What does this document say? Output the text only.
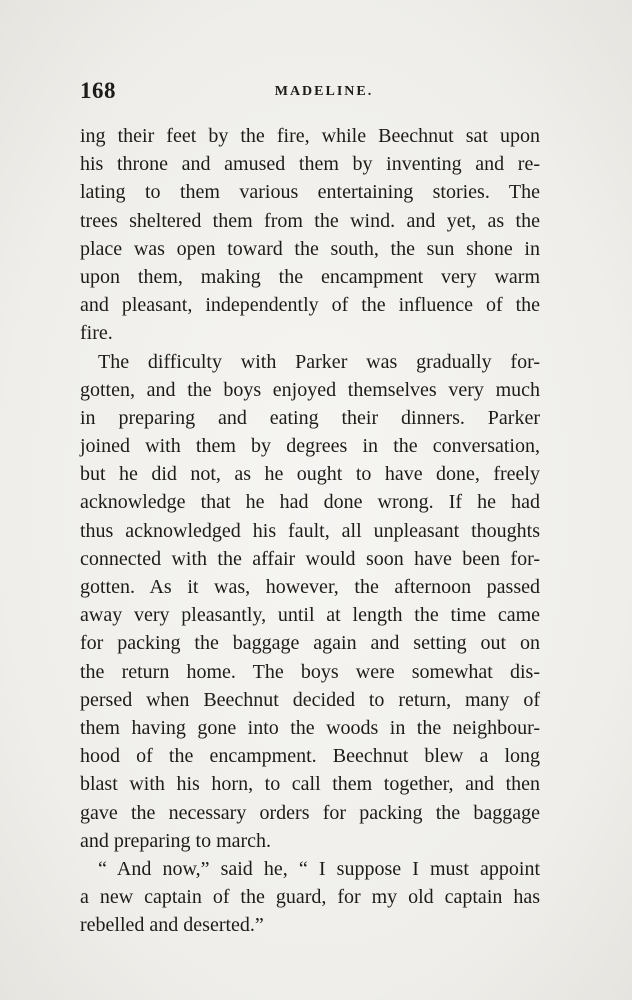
168	MADELINE.
ing their feet by the fire, while Beechnut sat upon
his throne and amused them by inventing and re-
lating to them various entertaining stories. The
trees sheltered them from the wind. and yet, as the
place was open toward the south, the sun shone in
upon them, making the encampment very warm
and pleasant, independently of the influence of the
fire.
The difficulty with Parker was gradually for-
gotten, and the boys enjoyed themselves very much
in preparing and eating their dinners. Parker
joined with them by degrees in the conversation,
but he did not, as he ought to have done, freely
acknowledge that he had done wrong. If he had
thus acknowledged his fault, all unpleasant thoughts
connected with the affair would soon have been for-
gotten. As it was, however, the afternoon passed
away very pleasantly, until at length the time came
for packing the baggage again and setting out on
the return home. The boys were somewhat dis-
persed when Beechnut decided to return, many of
them having gone into the woods in the neighbour-
hood of the encampment. Beechnut blew a long
blast with his horn, to call them together, and then
gave the necessary orders for packing the baggage
and preparing to march.
“ And now,” said he, “ I suppose I must appoint
a new captain of the guard, for my old captain has
rebelled and deserted.”
